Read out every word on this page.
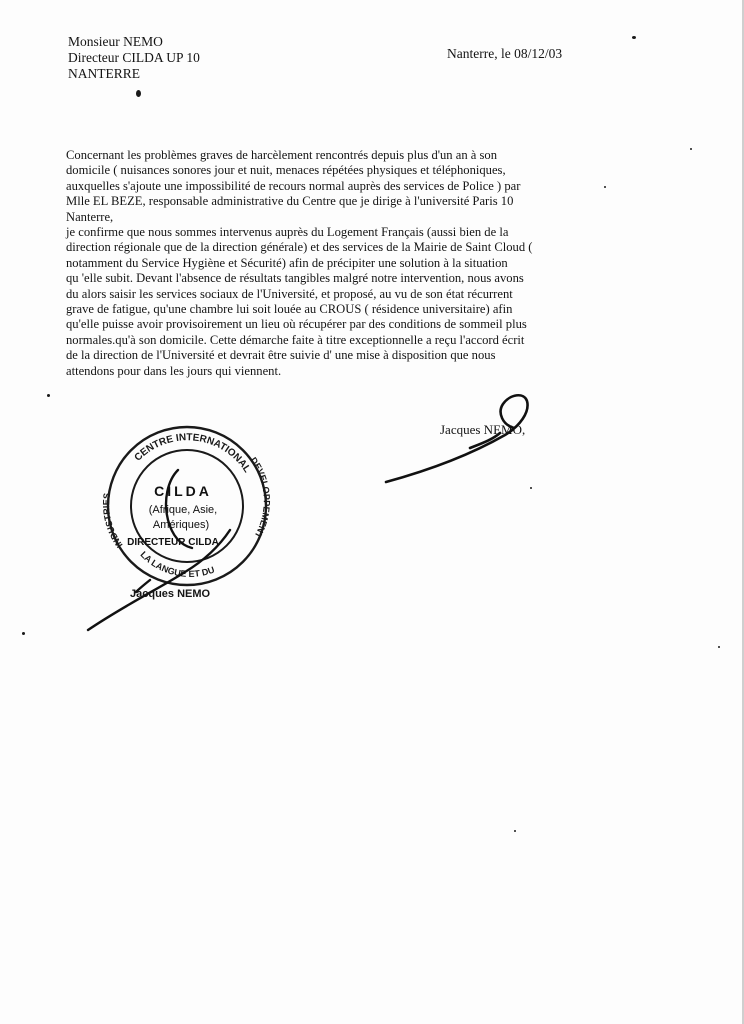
Monsieur NEMO
Directeur CILDA UP 10
NANTERRE
Nanterre, le 08/12/03

Concernant les problèmes graves de harcèlement rencontrés depuis plus d'un an à son

domicile ( nuisances sonores jour et nuit, menaces répétées physiques et téléphoniques,

auxquelles s'ajoute une impossibilité de recours normal auprès des services de Police ) par

Mlle EL BEZE, responsable administrative du Centre que je dirige à l'université Paris 10

Nanterre,

je confirme que nous sommes intervenus auprès du Logement Français (aussi bien de la

direction régionale que de la direction générale) et des services de la Mairie de Saint Cloud (

notamment du Service Hygiène et Sécurité) afin de précipiter une solution à la situation

qu 'elle subit. Devant l'absence de résultats tangibles malgré notre intervention, nous avons

du alors saisir les services sociaux de l'Université, et proposé, au vu de son état récurrent

grave de fatigue, qu'une chambre lui soit louée au CROUS ( résidence universitaire) afin

qu'elle puisse avoir provisoirement un lieu où récupérer par des conditions de sommeil plus

normales.qu'à son domicile. Cette démarche faite à titre exceptionnelle a reçu l'accord écrit

de la direction de l'Université et devrait être suivie d' une mise à disposition que nous

attendons pour dans les jours qui viennent.

Jacques NEMO,
CENTRE INTERNATIONAL
INDUSTRIES
DEVELOPPEMENT
LA LANGUE ET DU
CILDA
(Afrique, Asie,
Amériques)
DIRECTEUR CILDA
Jacques NEMO
